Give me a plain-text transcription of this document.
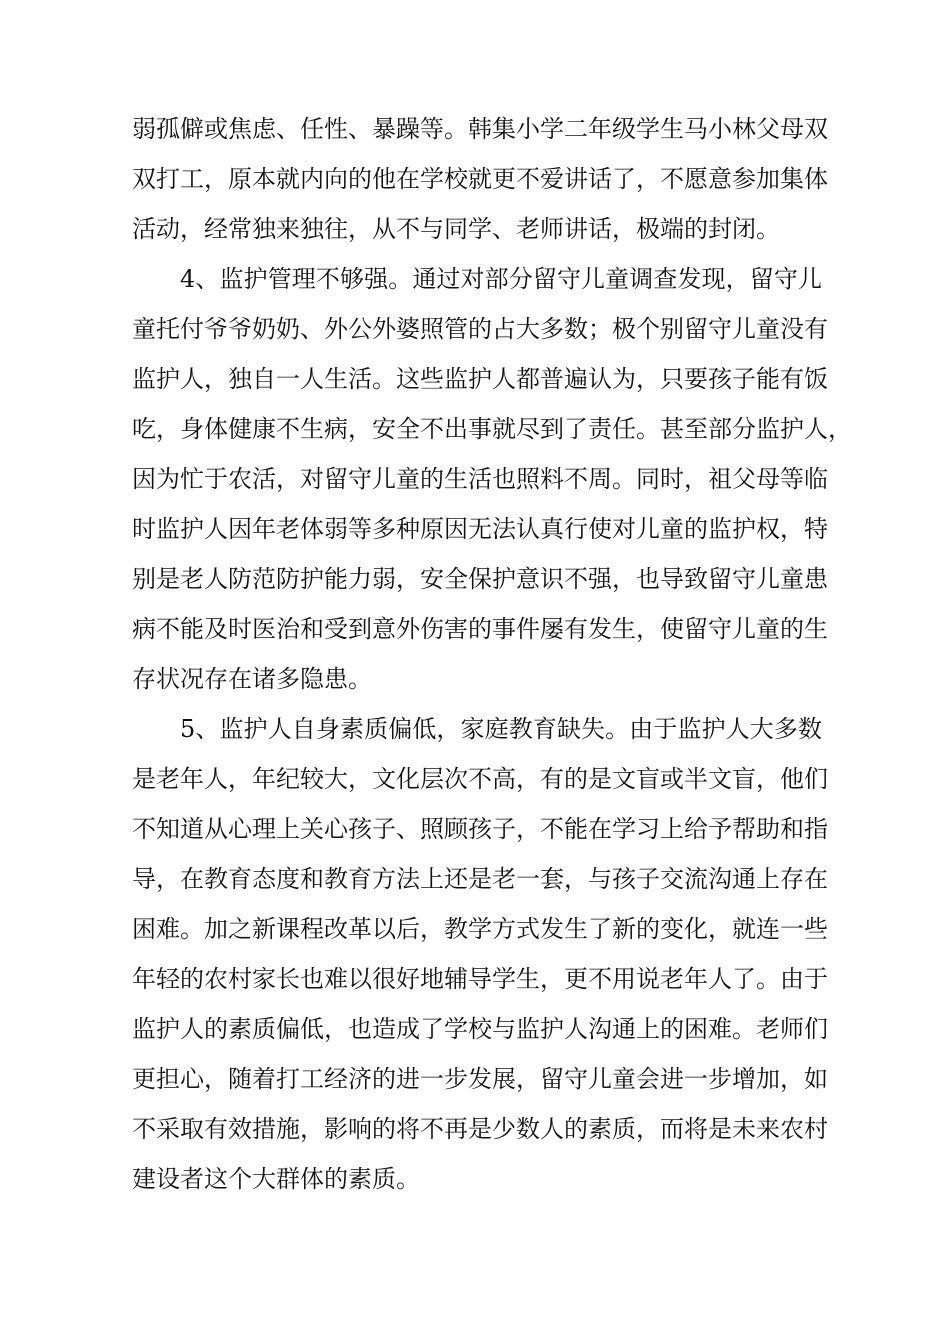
弱孤僻或焦虑、任性、暴躁等。韩集小学二年级学生马小林父母双
双打工，原本就内向的他在学校就更不爱讲话了，不愿意参加集体
活动，经常独来独往，从不与同学、老师讲话，极端的封闭。
4、监护管理不够强。通过对部分留守儿童调查发现，留守儿
童托付爷爷奶奶、外公外婆照管的占大多数；极个别留守儿童没有
监护人，独自一人生活。这些监护人都普遍认为，只要孩子能有饭
吃，身体健康不生病，安全不出事就尽到了责任。甚至部分监护人，
因为忙于农活，对留守儿童的生活也照料不周。同时，祖父母等临
时监护人因年老体弱等多种原因无法认真行使对儿童的监护权，特
别是老人防范防护能力弱，安全保护意识不强，也导致留守儿童患
病不能及时医治和受到意外伤害的事件屡有发生，使留守儿童的生
存状况存在诸多隐患。
5、监护人自身素质偏低，家庭教育缺失。由于监护人大多数
是老年人，年纪较大，文化层次不高，有的是文盲或半文盲，他们
不知道从心理上关心孩子、照顾孩子，不能在学习上给予帮助和指
导，在教育态度和教育方法上还是老一套，与孩子交流沟通上存在
困难。加之新课程改革以后，教学方式发生了新的变化，就连一些
年轻的农村家长也难以很好地辅导学生，更不用说老年人了。由于
监护人的素质偏低，也造成了学校与监护人沟通上的困难。老师们
更担心，随着打工经济的进一步发展，留守儿童会进一步增加，如
不采取有效措施，影响的将不再是少数人的素质，而将是未来农村
建设者这个大群体的素质。
